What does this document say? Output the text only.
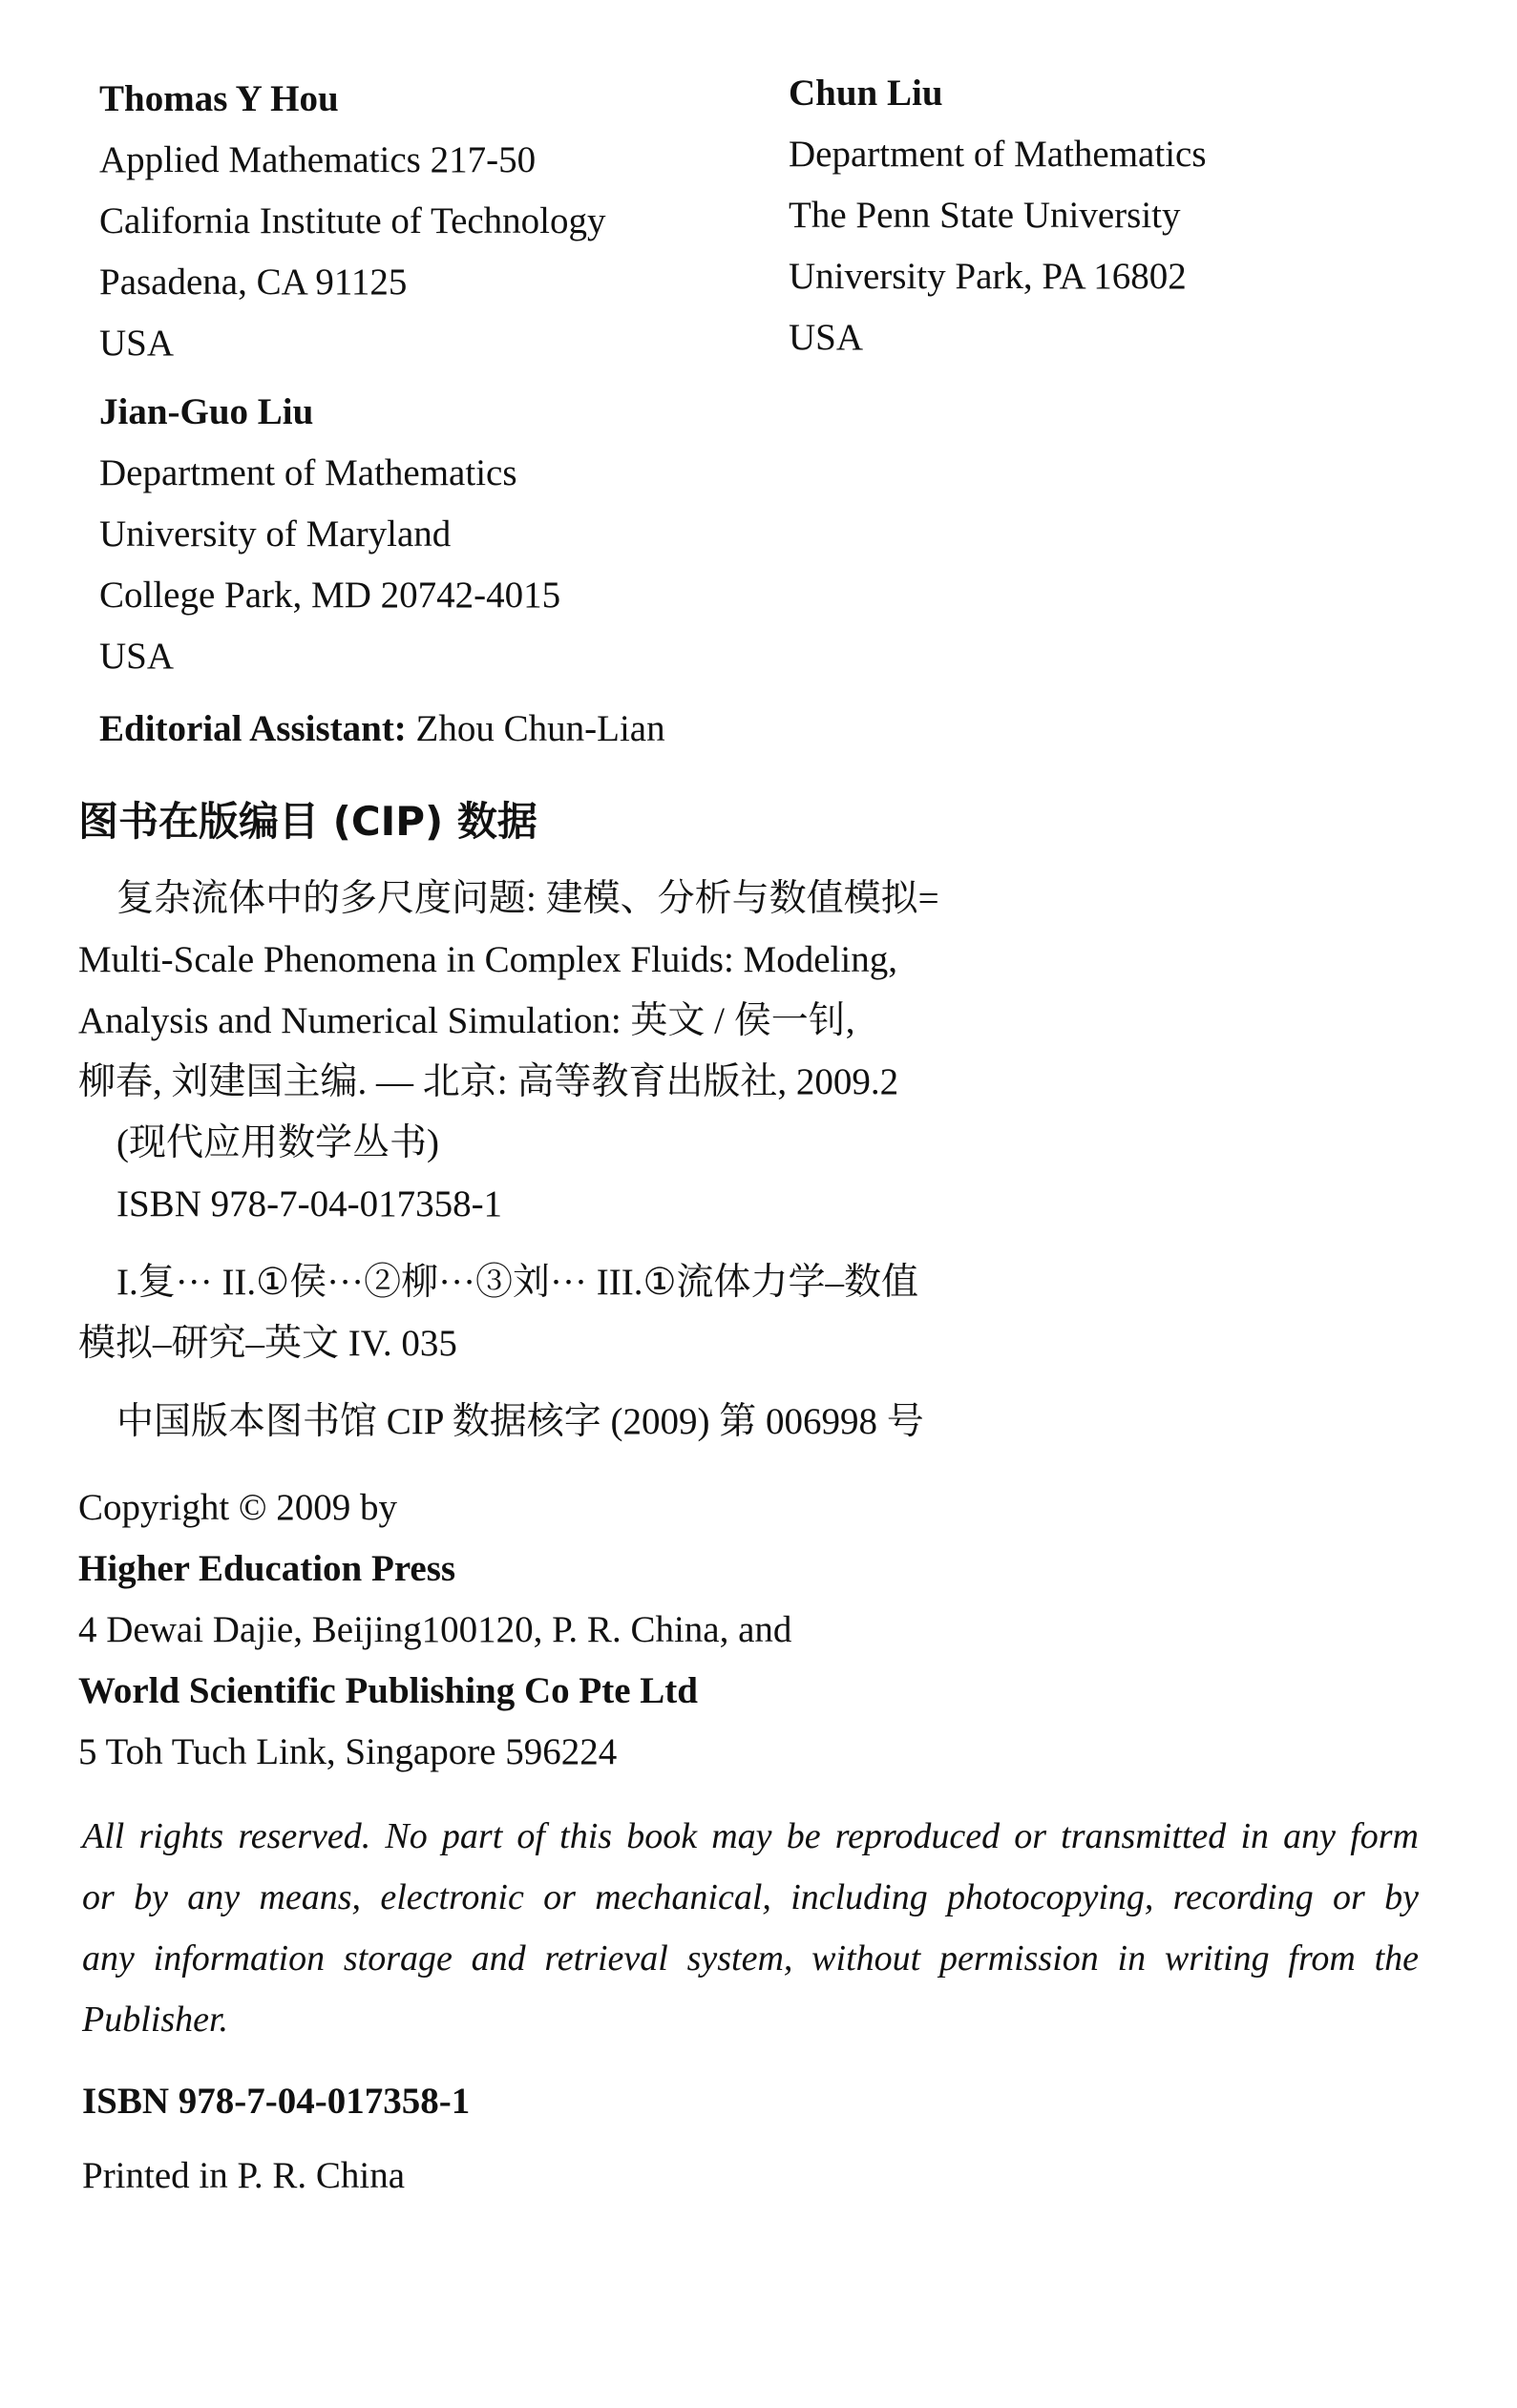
Thomas Y Hou
Applied Mathematics 217-50
California Institute of Technology
Pasadena, CA 91125
USA
Chun Liu
Department of Mathematics
The Penn State University
University Park, PA 16802
USA
Jian-Guo Liu
Department of Mathematics
University of Maryland
College Park, MD 20742-4015
USA
Editorial Assistant: Zhou Chun-Lian
图书在版编目 (CIP) 数据
复杂流体中的多尺度问题: 建模、分析与数值模拟=
Multi-Scale Phenomena in Complex Fluids: Modeling,
Analysis and Numerical Simulation: 英文 / 侯一钊,
柳春, 刘建国主编. — 北京: 高等教育出版社, 2009.2
(现代应用数学丛书)
ISBN 978-7-04-017358-1
I.复··· II.①侯···②柳···③刘··· III.①流体力学–数值
模拟–研究–英文 IV. 035
中国版本图书馆 CIP 数据核字 (2009) 第 006998 号
Copyright © 2009 by
Higher Education Press
4 Dewai Dajie, Beijing100120, P. R. China, and
World Scientific Publishing Co Pte Ltd
5 Toh Tuch Link, Singapore 596224
All rights reserved. No part of this book may be reproduced or transmitted in any form
or by any means, electronic or mechanical, including photocopying, recording or by
any information storage and retrieval system, without permission in writing from the
Publisher.
ISBN 978-7-04-017358-1
Printed in P. R. China
